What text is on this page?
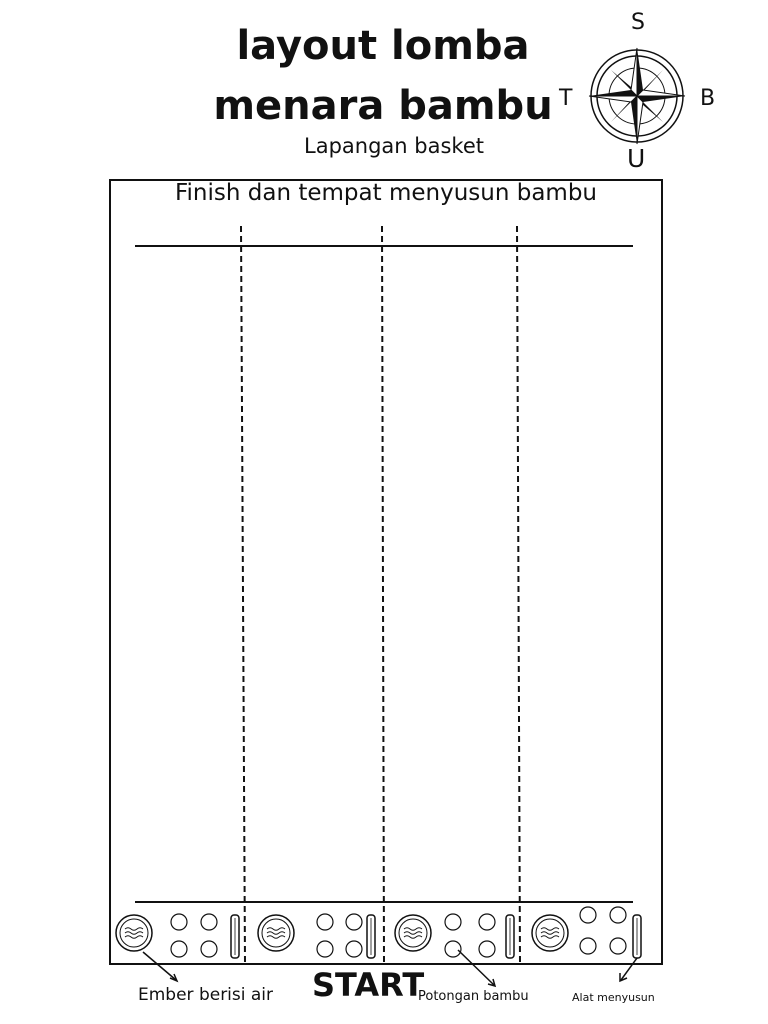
layout lomba
menara bambu
Lapangan basket
S
U
T	B
Finish dan tempat menyusun bambu
Ember berisi air START
Potongan bambu	Alat menyusun
